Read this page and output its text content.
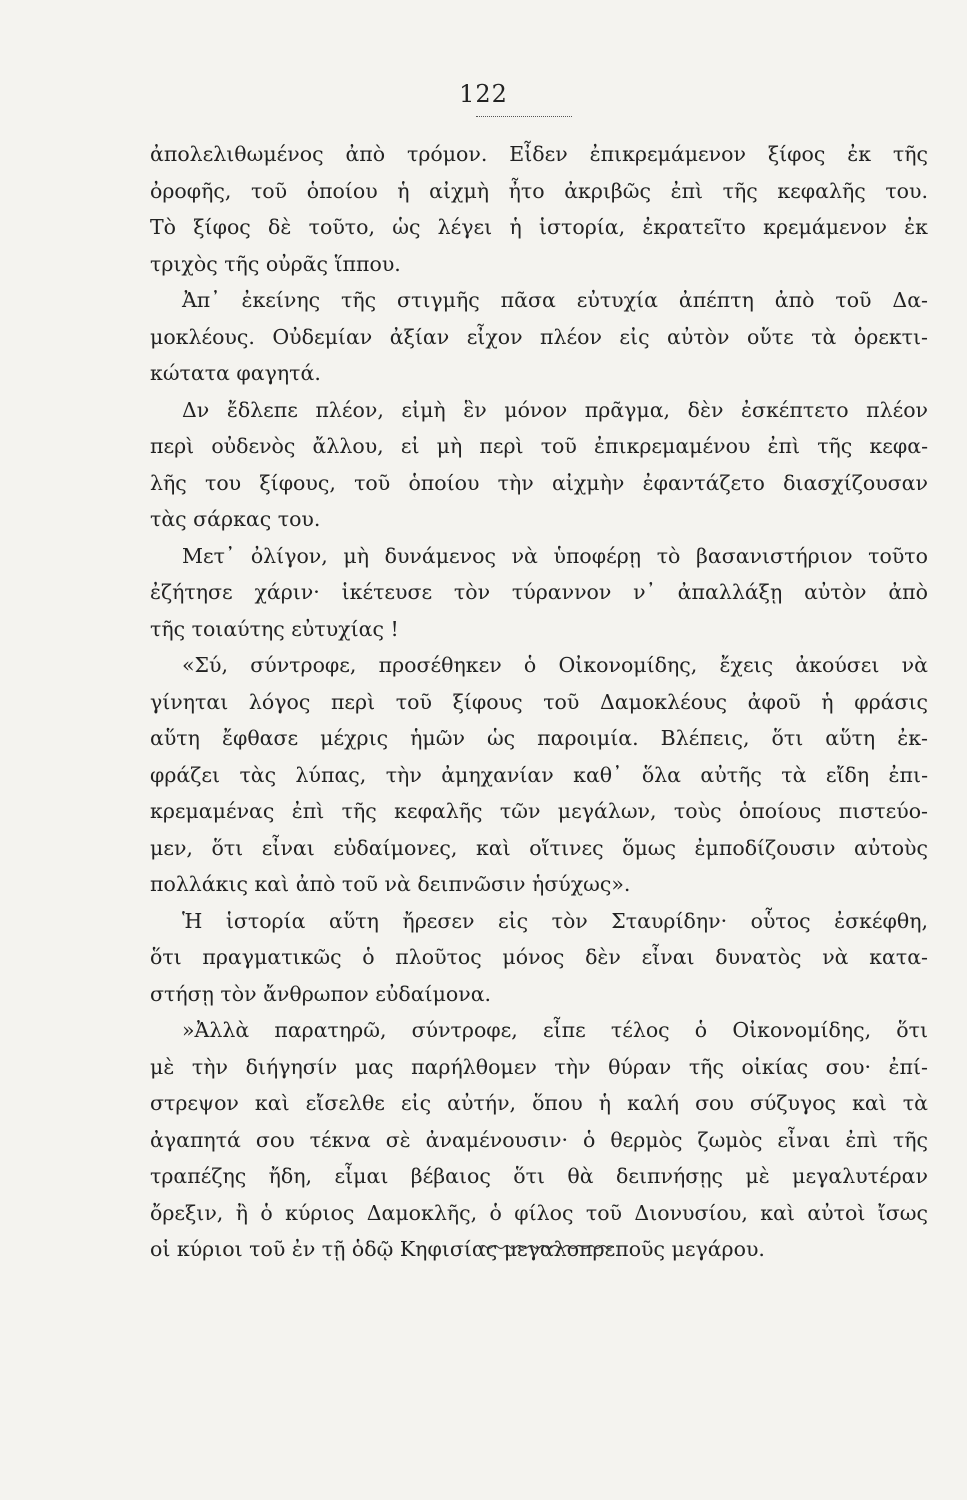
122
ἀπολελιθωμένος ἀπὸ τρόμον. Εἶδεν ἐπικρεμάμενον ξίφος ἐκ τῆς
ὀροφῆς, τοῦ ὁποίου ἡ αἰχμὴ ἦτο ἀκριβῶς ἐπὶ τῆς κεφαλῆς του.
Τὸ ξίφος δὲ τοῦτο, ὡς λέγει ἡ ἱστορία, ἐκρατεῖτο κρεμάμενον ἐκ
τριχὸς τῆς οὐρᾶς ἵππου.
Ἀπ᾽ ἐκείνης τῆς στιγμῆς πᾶσα εὐτυχία ἀπέπτη ἀπὸ τοῦ Δα-
μοκλέους. Οὐδεμίαν ἀξίαν εἶχον πλέον εἰς αὐτὸν οὔτε τὰ ὀρεκτι-
κώτατα φαγητά.
Δν ἔδλεπε πλέον, εἰμὴ ἓν μόνον πρᾶγμα, δὲν ἐσκέπτετο πλέον
περὶ οὐδενὸς ἄλλου, εἰ μὴ περὶ τοῦ ἐπικρεμαμένου ἐπὶ τῆς κεφα-
λῆς του ξίφους, τοῦ ὁποίου τὴν αἰχμὴν ἐφαντάζετο διασχίζουσαν
τὰς σάρκας του.
Μετ᾽ ὀλίγον, μὴ δυνάμενος νὰ ὑποφέρῃ τὸ βασανιστήριον τοῦτο
ἐζήτησε χάριν· ἱκέτευσε τὸν τύραννον ν᾽ ἀπαλλάξῃ αὐτὸν ἀπὸ
τῆς τοιαύτης εὐτυχίας !
«Σύ, σύντροφε, προσέθηκεν ὁ Οἰκονομίδης, ἔχεις ἀκούσει νὰ
γίνηται λόγος περὶ τοῦ ξίφους τοῦ Δαμοκλέους ἀφοῦ ἡ φράσις
αὕτη ἔφθασε μέχρις ἡμῶν ὡς παροιμία. Βλέπεις, ὅτι αὕτη ἐκ-
φράζει τὰς λύπας, τὴν ἀμηχανίαν καθ᾽ ὅλα αὐτῆς τὰ εἴδη ἐπι-
κρεμαμένας ἐπὶ τῆς κεφαλῆς τῶν μεγάλων, τοὺς ὁποίους πιστεύο-
μεν, ὅτι εἶναι εὐδαίμονες, καὶ οἵτινες ὅμως ἐμποδίζουσιν αὐτοὺς
πολλάκις καὶ ἀπὸ τοῦ νὰ δειπνῶσιν ἡσύχως».
Ἡ ἱστορία αὕτη ἤρεσεν εἰς τὸν Σταυρίδην· οὗτος ἐσκέφθη,
ὅτι πραγματικῶς ὁ πλοῦτος μόνος δὲν εἶναι δυνατὸς νὰ κατα-
στήσῃ τὸν ἄνθρωπον εὐδαίμονα.
»Ἀλλὰ παρατηρῶ, σύντροφε, εἶπε τέλος ὁ Οἰκονομίδης, ὅτι
μὲ τὴν διήγησίν μας παρήλθομεν τὴν θύραν τῆς οἰκίας σου· ἐπί-
στρεψον καὶ εἴσελθε εἰς αὐτήν, ὅπου ἡ καλή σου σύζυγος καὶ τὰ
ἀγαπητά σου τέκνα σὲ ἀναμένουσιν· ὁ θερμὸς ζωμὸς εἶναι ἐπὶ τῆς
τραπέζης ἤδη, εἶμαι βέβαιος ὅτι θὰ δειπνήσῃς μὲ μεγαλυτέραν
ὄρεξιν, ἢ ὁ κύριος Δαμοκλῆς, ὁ φίλος τοῦ Διονυσίου, καὶ αὐτοὶ ἴσως
οἱ κύριοι τοῦ ἐν τῇ ὁδῷ Κηφισίας μεγαλοπρεποῦς μεγάρου.
